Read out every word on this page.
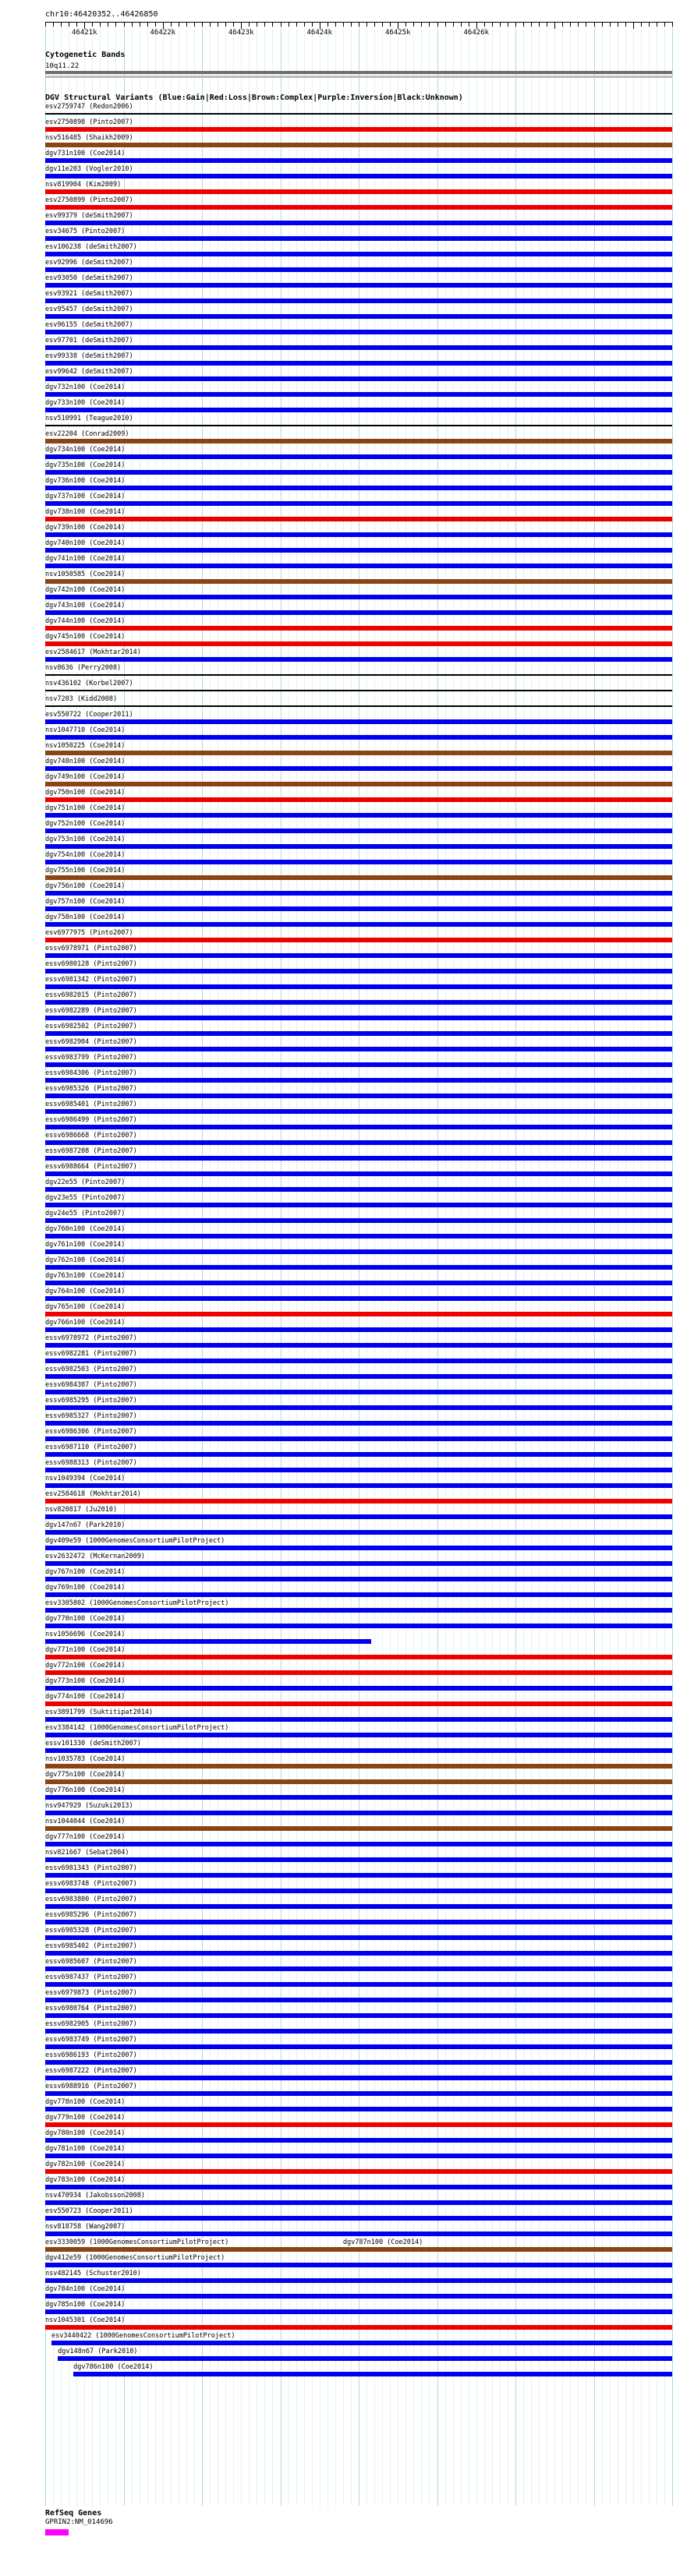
chr10:46420352..46426850
46421k	46422k	46423k	46424k	46425k	46426k
Cytogenetic Bands
10q11.22
DGV Structural Variants (Blue:Gain|Red:Loss|Brown:Complex|Purple:Inversion|Black:Unknown)
esv2759747 (Redon2006)
esv2750898 (Pinto2007)
nsv516485 (Shaikh2009)
dgv731n100 (Coe2014)
dgv11e203 (Vogler2010)
nsv819904 (Kim2009)
esv2750899 (Pinto2007)
esv99379 (deSmith2007)
esv34675 (Pinto2007)
esv106238 (deSmith2007)
esv92996 (deSmith2007)
esv93050 (deSmith2007)
esv93921 (deSmith2007)
esv95457 (deSmith2007)
esv96155 (deSmith2007)
esv97701 (deSmith2007)
esv99338 (deSmith2007)
esv99642 (deSmith2007)
dgv732n100 (Coe2014)
dgv733n100 (Coe2014)
nsv510991 (Teague2010)
esv22204 (Conrad2009)
dgv734n100 (Coe2014)
dgv735n100 (Coe2014)
dgv736n100 (Coe2014)
dgv737n100 (Coe2014)
dgv738n100 (Coe2014)
dgv739n100 (Coe2014)
dgv740n100 (Coe2014)
dgv741n100 (Coe2014)
nsv1050585 (Coe2014)
dgv742n100 (Coe2014)
dgv743n100 (Coe2014)
dgv744n100 (Coe2014)
dgv745n100 (Coe2014)
esv2584617 (Mokhtar2014)
nsv8636 (Perry2008)
nsv436102 (Korbel2007)
nsv7203 (Kidd2008)
esv550722 (Cooper2011)
nsv1047710 (Coe2014)
nsv1050225 (Coe2014)
dgv748n100 (Coe2014)
dgv749n100 (Coe2014)
dgv750n100 (Coe2014)
dgv751n100 (Coe2014)
dgv752n100 (Coe2014)
dgv753n100 (Coe2014)
dgv754n100 (Coe2014)
dgv755n100 (Coe2014)
dgv756n100 (Coe2014)
dgv757n100 (Coe2014)
dgv758n100 (Coe2014)
esv6977975 (Pinto2007)
essv6978971 (Pinto2007)
essv6980128 (Pinto2007)
essv6981342 (Pinto2007)
essv6982015 (Pinto2007)
essv6982289 (Pinto2007)
essv6982502 (Pinto2007)
essv6982904 (Pinto2007)
essv6983799 (Pinto2007)
essv6984306 (Pinto2007)
essv6985326 (Pinto2007)
essv6985401 (Pinto2007)
essv6986499 (Pinto2007)
essv6986668 (Pinto2007)
essv6987208 (Pinto2007)
essv6988664 (Pinto2007)
dgv22e55 (Pinto2007)
dgv23e55 (Pinto2007)
dgv24e55 (Pinto2007)
dgv760n100 (Coe2014)
dgv761n100 (Coe2014)
dgv762n100 (Coe2014)
dgv763n100 (Coe2014)
dgv764n100 (Coe2014)
dgv765n100 (Coe2014)
dgv766n100 (Coe2014)
essv6978972 (Pinto2007)
essv6982281 (Pinto2007)
essv6982503 (Pinto2007)
essv6984307 (Pinto2007)
essv6985295 (Pinto2007)
essv6985327 (Pinto2007)
essv6986306 (Pinto2007)
essv6987110 (Pinto2007)
essv6988313 (Pinto2007)
nsv1049394 (Coe2014)
esv2584618 (Mokhtar2014)
nsv820817 (Ju2010)
dgv147n67 (Park2010)
dgv409e59 (1000GenomesConsortiumPilotProject)
esv2632472 (McKernan2009)
dgv767n100 (Coe2014)
dgv769n100 (Coe2014)
esv3305802 (1000GenomesConsortiumPilotProject)
dgv770n100 (Coe2014)
nsv1056696 (Coe2014)
dgv771n100 (Coe2014)
dgv772n100 (Coe2014)
dgv773n100 (Coe2014)
dgv774n100 (Coe2014)
esv3891799 (Suktitipat2014)
esv3384142 (1000GenomesConsortiumPilotProject)
essv101330 (deSmith2007)
nsv1035783 (Coe2014)
dgv775n100 (Coe2014)
dgv776n100 (Coe2014)
nsv947929 (Suzuki2013)
nsv1044044 (Coe2014)
dgv777n100 (Coe2014)
nsv821667 (Sebat2004)
essv6981343 (Pinto2007)
essv6983748 (Pinto2007)
essv6983800 (Pinto2007)
essv6985296 (Pinto2007)
essv6985328 (Pinto2007)
essv6985402 (Pinto2007)
essv6985607 (Pinto2007)
essv6987437 (Pinto2007)
essv6979873 (Pinto2007)
essv6980764 (Pinto2007)
essv6982905 (Pinto2007)
essv6983749 (Pinto2007)
essv6986193 (Pinto2007)
essv6987222 (Pinto2007)
essv6988916 (Pinto2007)
dgv778n100 (Coe2014)
dgv779n100 (Coe2014)
dgv780n100 (Coe2014)
dgv781n100 (Coe2014)
dgv782n100 (Coe2014)
dgv783n100 (Coe2014)
nsv470934 (Jakobsson2008)
esv550723 (Cooper2011)
nsv818758 (Wang2007)
esv3330059 (1000GenomesConsortiumPilotProject)	dgv787n100 (Coe2014)
dgv412e59 (1000GenomesConsortiumPilotProject)
nsv482145 (Schuster2010)
dgv784n100 (Coe2014)
dgv785n100 (Coe2014)
nsv1045301 (Coe2014)
esv3440422 (1000GenomesConsortiumPilotProject)
dgv148n67 (Park2010)
dgv786n100 (Coe2014)
RefSeq Genes
GPRIN2:NM_014696
